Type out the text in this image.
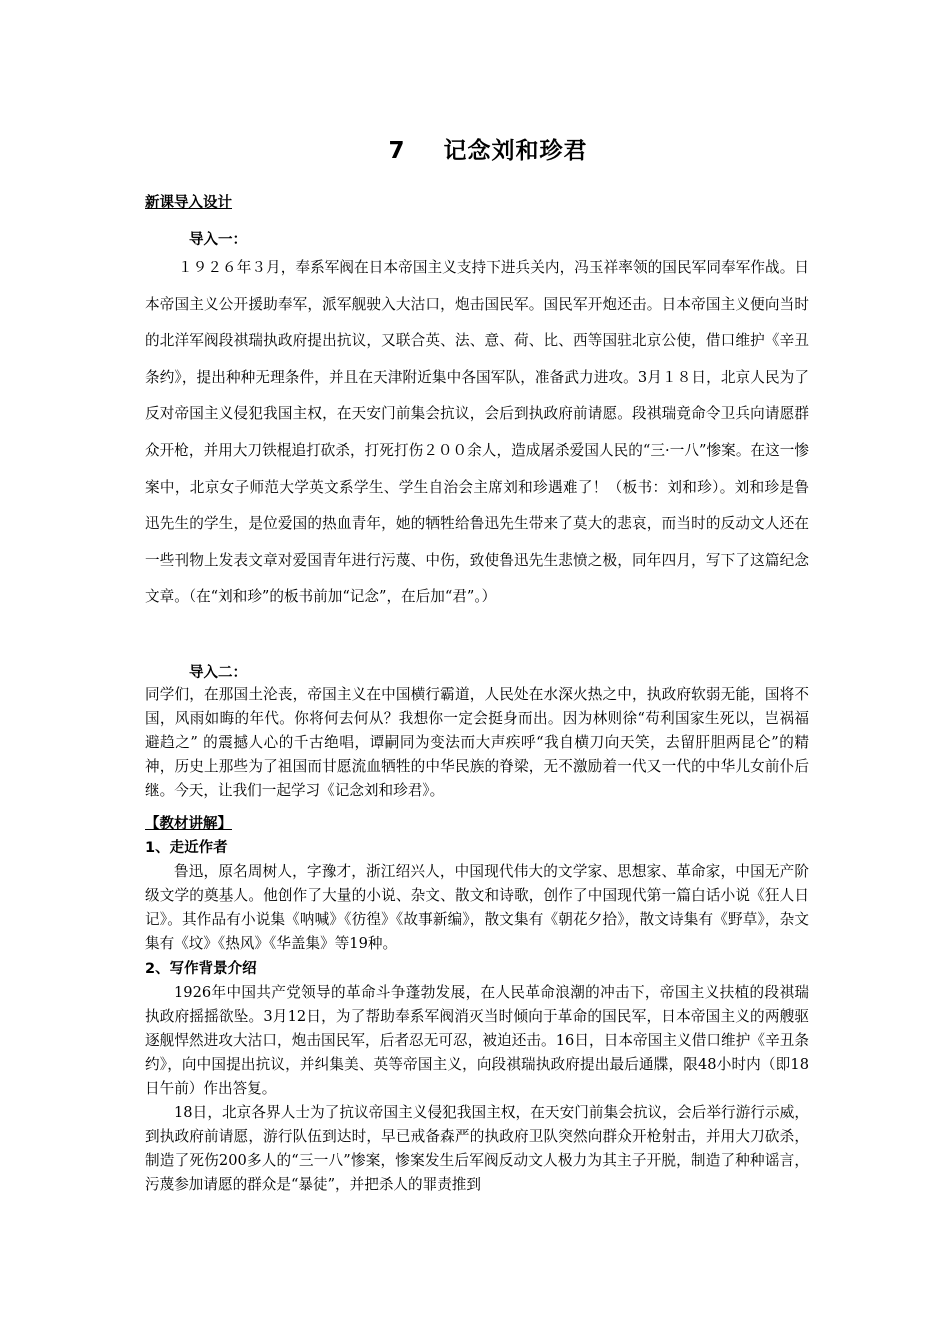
7 记念刘和珍君
新课导入设计
导入一：

１９２６年３月，奉系军阀在日本帝国主义支持下进兵关内，冯玉祥率领的国民军同奉军作战。日本帝国主义公开援助奉军，派军舰驶入大沽口，炮击国民军。国民军开炮还击。日本帝国主义便向当时的北洋军阀段祺瑞执政府提出抗议，又联合英、法、意、荷、比、西等国驻北京公使，借口维护《辛丑条约》，提出种种无理条件，并且在天津附近集中各国军队，准备武力进攻。3月１８日，北京人民为了反对帝国主义侵犯我国主权，在天安门前集会抗议，会后到执政府前请愿。段祺瑞竟命令卫兵向请愿群众开枪，并用大刀铁棍追打砍杀，打死打伤２００余人，造成屠杀爱国人民的“三·一八”惨案。在这一惨案中，北京女子师范大学英文系学生、学生自治会主席刘和珍遇难了！（板书：刘和珍）。刘和珍是鲁迅先生的学生，是位爱国的热血青年，她的牺牲给鲁迅先生带来了莫大的悲哀，而当时的反动文人还在一些刊物上发表文章对爱国青年进行污蔑、中伤，致使鲁迅先生悲愤之极，同年四月，写下了这篇纪念文章。（在“刘和珍”的板书前加“记念”，在后加“君”。）

导入二：

同学们，在那国土沦丧，帝国主义在中国横行霸道，人民处在水深火热之中，执政府软弱无能，国将不国，风雨如晦的年代。你将何去何从？我想你一定会挺身而出。因为林则徐“苟利国家生死以，岂祸福避趋之” 的震撼人心的千古绝唱，谭嗣同为变法而大声疾呼“我自横刀向天笑，去留肝胆两昆仑”的精神，历史上那些为了祖国而甘愿流血牺牲的中华民族的脊梁，无不激励着一代又一代的中华儿女前仆后继。今天，让我们一起学习《记念刘和珍君》。

【教材讲解】

1、走近作者

鲁迅，原名周树人，字豫才，浙江绍兴人，中国现代伟大的文学家、思想家、革命家，中国无产阶级文学的奠基人。他创作了大量的小说、杂文、散文和诗歌，创作了中国现代第一篇白话小说《狂人日记》。其作品有小说集《呐喊》《彷徨》《故事新编》，散文集有《朝花夕拾》，散文诗集有《野草》，杂文集有《坟》《热风》《华盖集》等19种。

2、写作背景介绍

1926年中国共产党领导的革命斗争蓬勃发展，在人民革命浪潮的冲击下，帝国主义扶植的段祺瑞执政府摇摇欲坠。3月12日，为了帮助奉系军阀消灭当时倾向于革命的国民军，日本帝国主义的两艘驱逐舰悍然进攻大沽口，炮击国民军，后者忍无可忍，被迫还击。16日，日本帝国主义借口维护《辛丑条约》，向中国提出抗议，并纠集美、英等帝国主义，向段祺瑞执政府提出最后通牒，限48小时内（即18日午前）作出答复。

18日，北京各界人士为了抗议帝国主义侵犯我国主权，在天安门前集会抗议，会后举行游行示威，到执政府前请愿，游行队伍到达时，早已戒备森严的执政府卫队突然向群众开枪射击，并用大刀砍杀，制造了死伤200多人的“三一八”惨案，惨案发生后军阀反动文人极力为其主子开脱，制造了种种谣言，污蔑参加请愿的群众是“暴徒”，并把杀人的罪责推到
